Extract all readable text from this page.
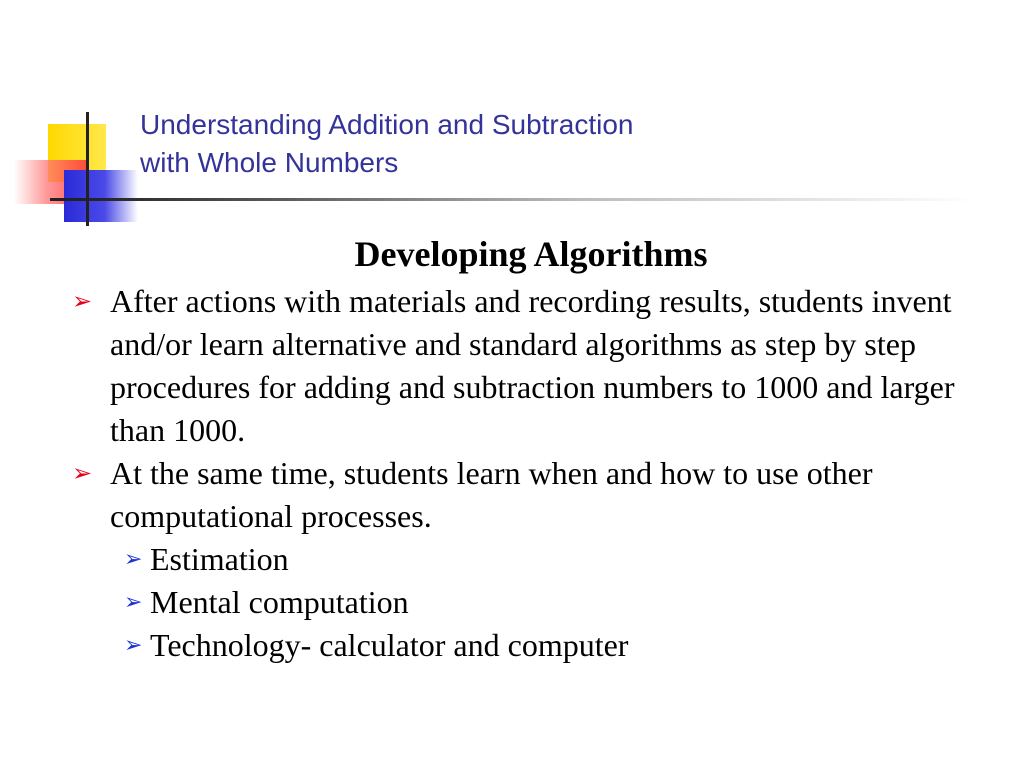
Understanding Addition and Subtraction
with Whole Numbers
Developing Algorithms
➢ After actions with materials and recording results, students invent and/or learn alternative and standard algorithms as step by step procedures for adding and subtraction numbers to 1000 and larger than 1000.
➢ At the same time, students learn when and how to use other computational processes.
➢ Estimation
➢ Mental computation
➢ Technology- calculator and computer
